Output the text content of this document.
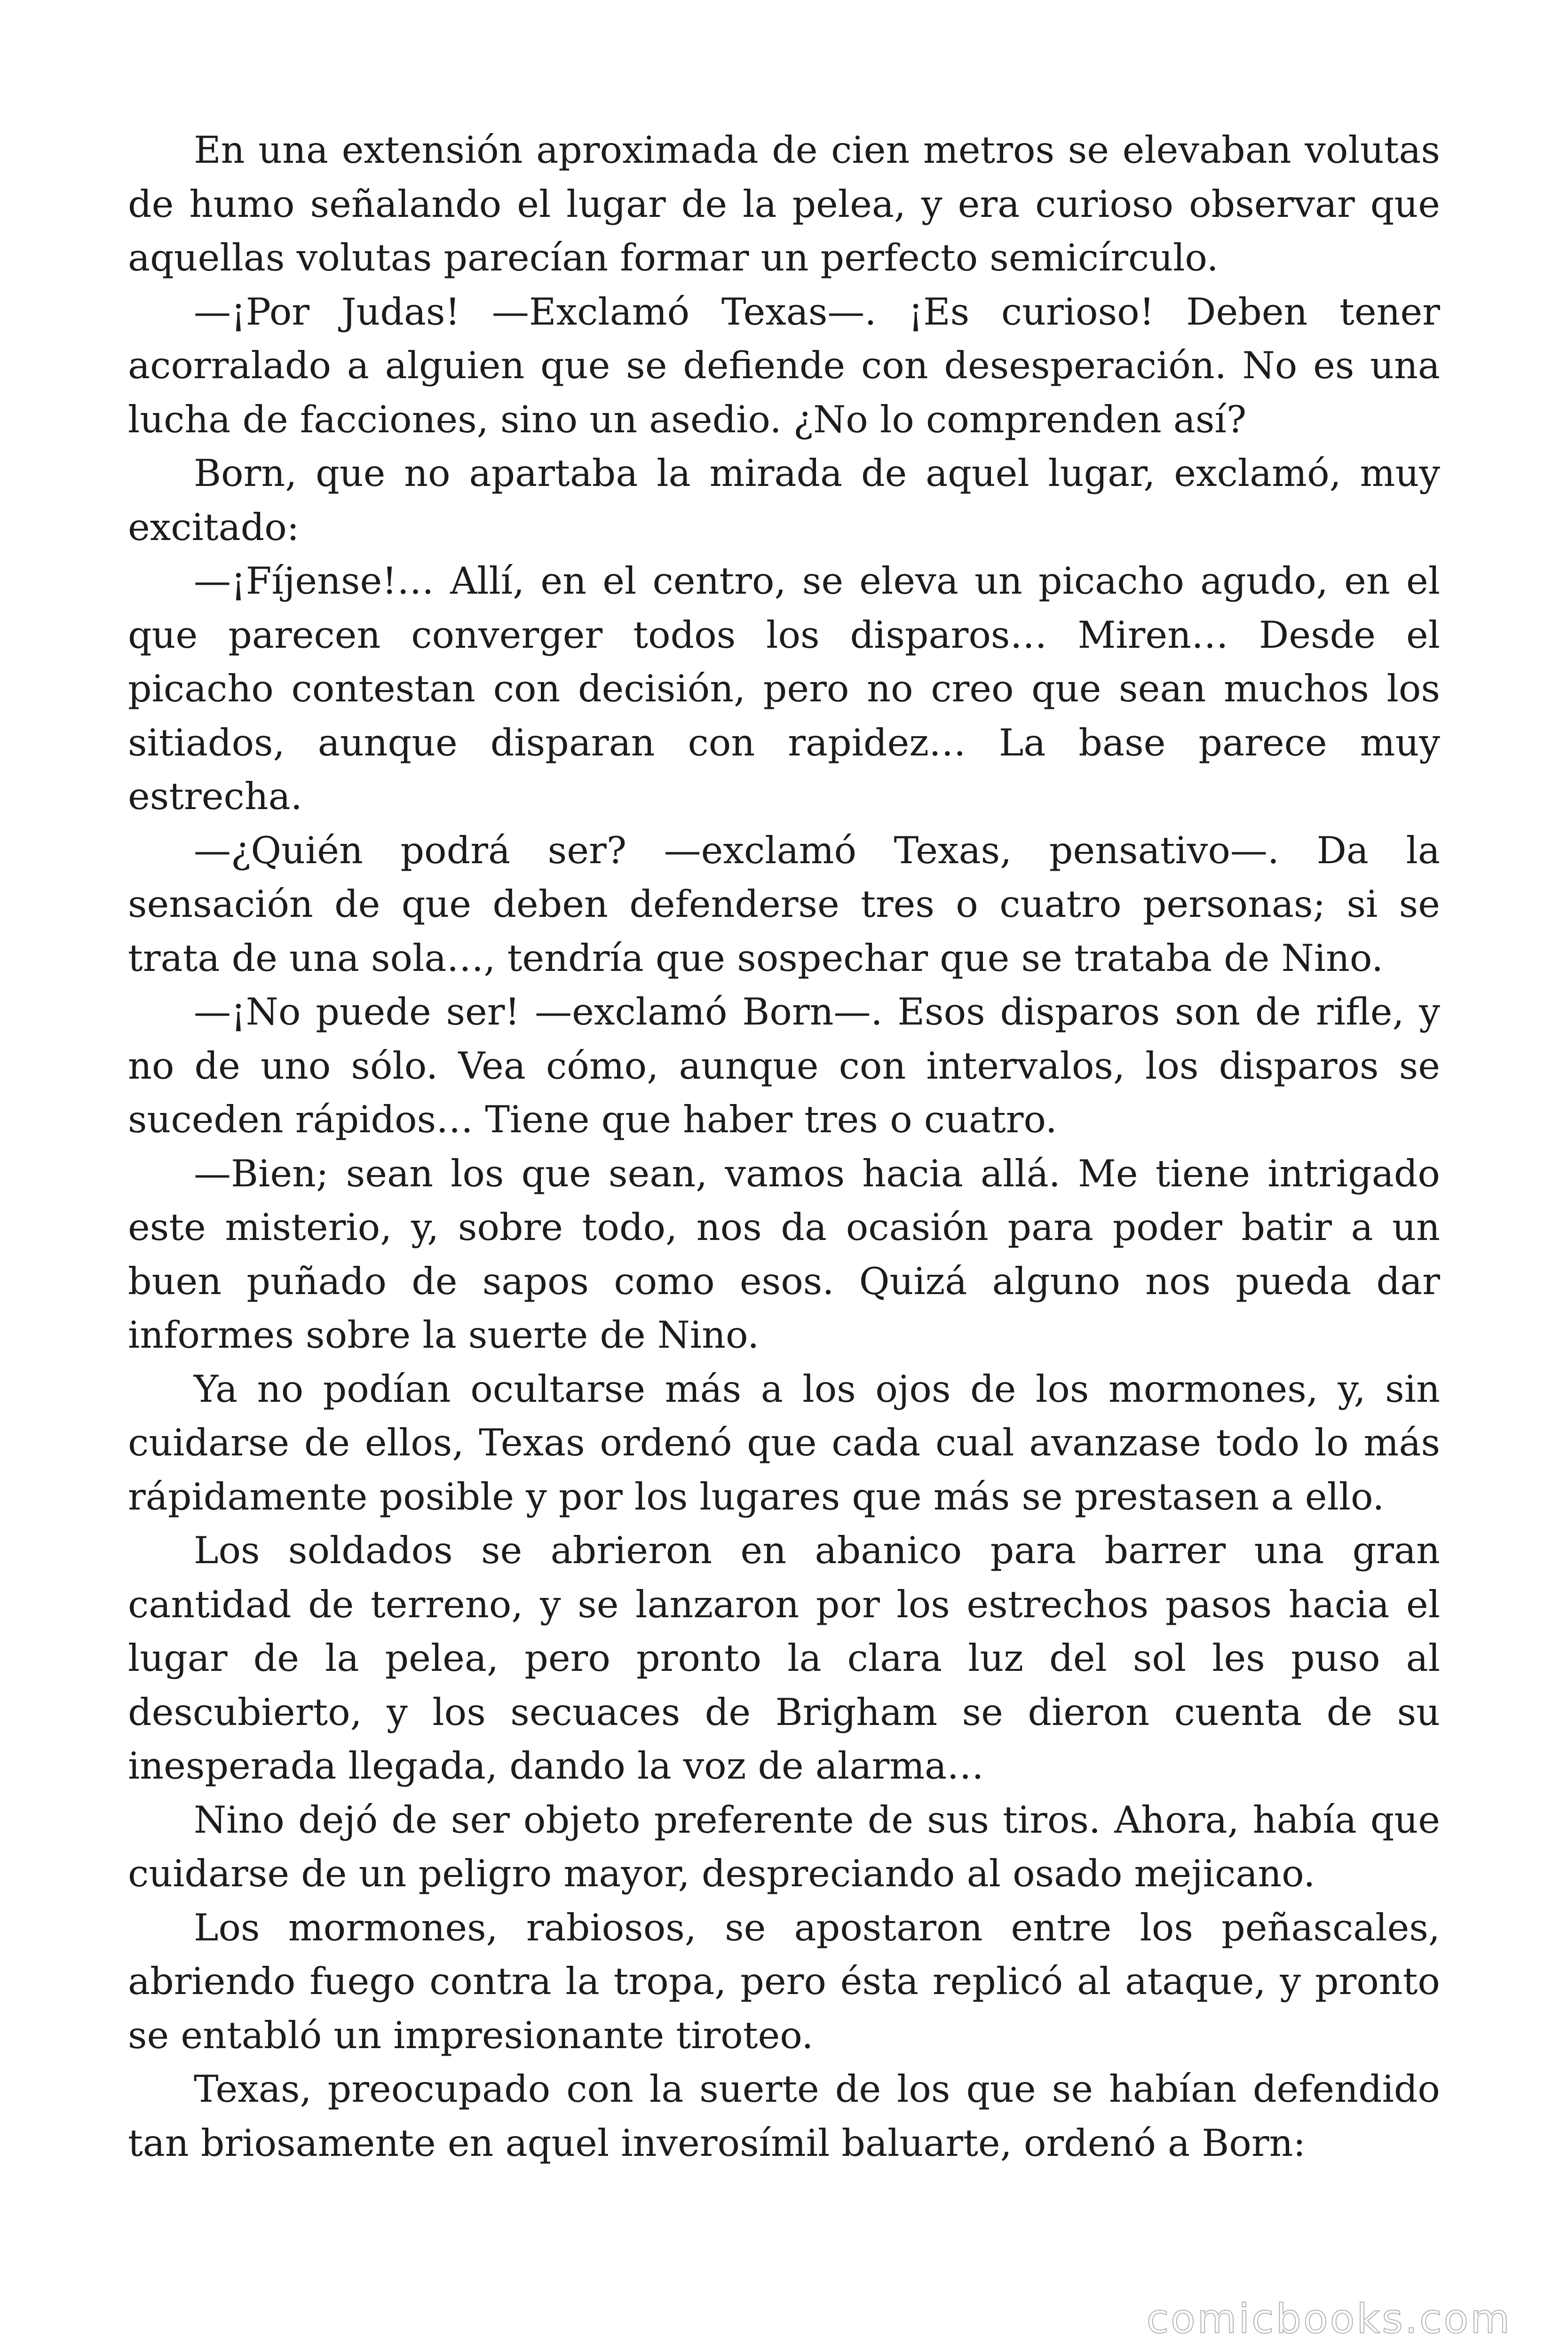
En una extensión aproximada de cien metros se elevaban volutas de humo señalando el lugar de la pelea, y era curioso observar que aquellas volutas parecían formar un perfecto semicírculo.

—¡Por Judas! —Exclamó Texas—. ¡Es curioso! Deben tener acorralado a alguien que se defiende con desesperación. No es una lucha de facciones, sino un asedio. ¿No lo comprenden así?

Born, que no apartaba la mirada de aquel lugar, exclamó, muy excitado:

—¡Fíjense!… Allí, en el centro, se eleva un picacho agudo, en el que parecen converger todos los disparos… Miren… Desde el picacho contestan con decisión, pero no creo que sean muchos los sitiados, aunque disparan con rapidez… La base parece muy estrecha.

—¿Quién podrá ser? —exclamó Texas, pensativo—. Da la sensación de que deben defenderse tres o cuatro personas; si se trata de una sola…, tendría que sospechar que se trataba de Nino.

—¡No puede ser! —exclamó Born—. Esos disparos son de rifle, y no de uno sólo. Vea cómo, aunque con intervalos, los disparos se suceden rápidos… Tiene que haber tres o cuatro.

—Bien; sean los que sean, vamos hacia allá. Me tiene intrigado este misterio, y, sobre todo, nos da ocasión para poder batir a un buen puñado de sapos como esos. Quizá alguno nos pueda dar informes sobre la suerte de Nino.

Ya no podían ocultarse más a los ojos de los mormones, y, sin cuidarse de ellos, Texas ordenó que cada cual avanzase todo lo más rápidamente posible y por los lugares que más se prestasen a ello.

Los soldados se abrieron en abanico para barrer una gran cantidad de terreno, y se lanzaron por los estrechos pasos hacia el lugar de la pelea, pero pronto la clara luz del sol les puso al descubierto, y los secuaces de Brigham se dieron cuenta de su inesperada llegada, dando la voz de alarma…

Nino dejó de ser objeto preferente de sus tiros. Ahora, había que cuidarse de un peligro mayor, despreciando al osado mejicano.

Los mormones, rabiosos, se apostaron entre los peñascales, abriendo fuego contra la tropa, pero ésta replicó al ataque, y pronto se entabló un impresionante tiroteo.

Texas, preocupado con la suerte de los que se habían defendido tan briosamente en aquel inverosímil baluarte, ordenó a Born:

comicbooks.com
